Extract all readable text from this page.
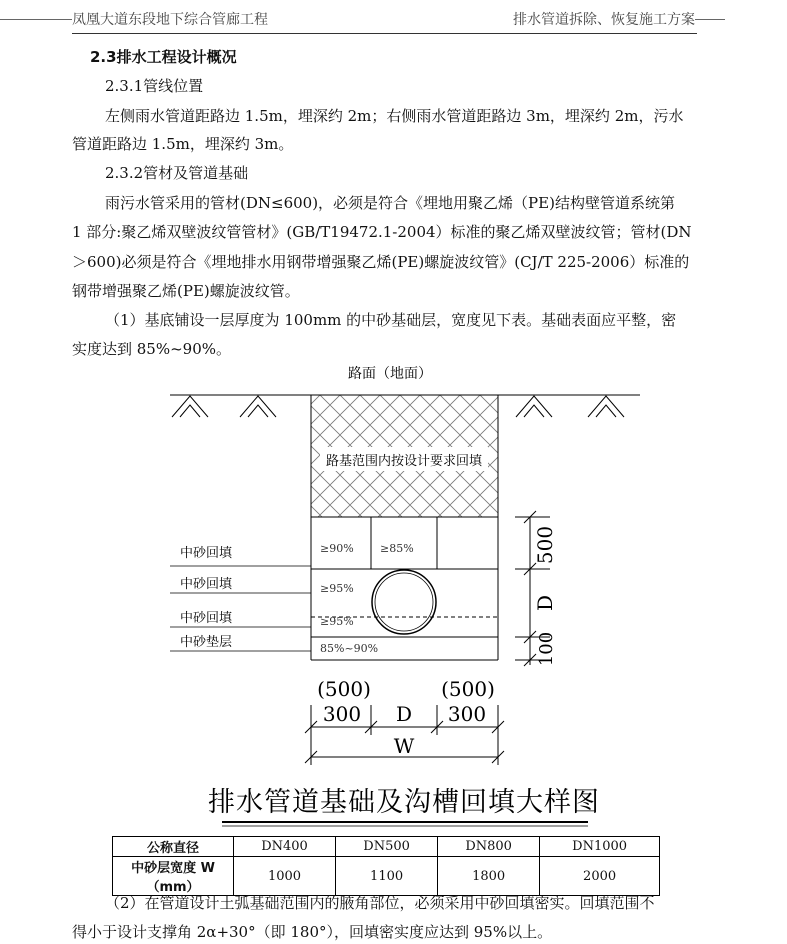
凤凰大道东段地下综合管廊工程	排水管道拆除、恢复施工方案
2.3排水工程设计概况
2.3.1管线位置
左侧雨水管道距路边 1.5m，埋深约 2m；右侧雨水管道距路边 3m，埋深约 2m，污水
管道距路边 1.5m，埋深约 3m。
2.3.2管材及管道基础
雨污水管采用的管材(DN≤600)，必须是符合《埋地用聚乙烯（PE)结构壁管道系统第
1 部分:聚乙烯双壁波纹管管材》(GB/T19472.1-2004）标准的聚乙烯双壁波纹管；管材(DN
＞600)必须是符合《埋地排水用钢带增强聚乙烯(PE)螺旋波纹管》(CJ/T 225-2006）标准的
钢带增强聚乙烯(PE)螺旋波纹管。
（1）基底铺设一层厚度为 100mm 的中砂基础层，宽度见下表。基础表面应平整，密
实度达到 85%~90%。
路面（地面）
路基范围内按设计要求回填
≥90% ≥85%
≥95%
≥95%
85%~90%
中砂回填
中砂回填
中砂回填
中砂垫层
500
D
100
(500)	(500)
300 D 300
W
排水管道基础及沟槽回填大样图
公称直径	DN400	DN500	DN800	DN1000
中砂层宽度 W（mm）	1000	1100	1800	2000
（2）在管道设计土弧基础范围内的腋角部位，必须采用中砂回填密实。回填范围不
得小于设计支撑角 2α+30°（即 180°），回填密实度应达到 95%以上。
